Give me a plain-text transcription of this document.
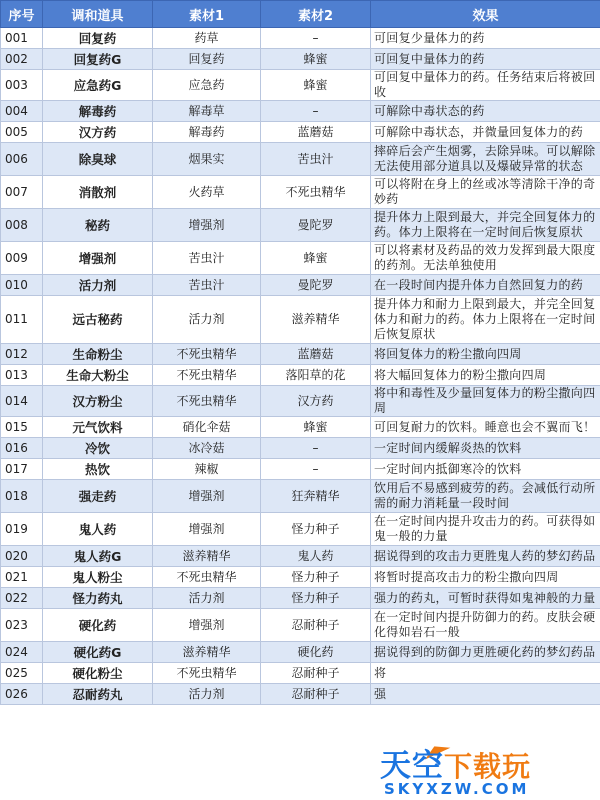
序号	调和道具	素材1	素材2	效果
001	回复药	药草	–	可回复少量体力的药
002	回复药G	回复药	蜂蜜	可回复中量体力的药
003	应急药G	应急药	蜂蜜	可回复中量体力的药。任务结束后将被回收
004	解毒药	解毒草	–	可解除中毒状态的药
005	汉方药	解毒药	蓝蘑菇	可解除中毒状态，并微量回复体力的药
006	除臭球	烟果实	苦虫汁	摔碎后会产生烟雾，去除异味。可以解除无法使用部分道具以及爆破异常的状态
007	消散剂	火药草	不死虫精华	可以将附在身上的丝或冰等清除干净的奇妙药
008	秘药	增强剂	曼陀罗	提升体力上限到最大，并完全回复体力的药。体力上限将在一定时间后恢复原状
009	增强剂	苦虫汁	蜂蜜	可以将素材及药品的效力发挥到最大限度的药剂。无法单独使用
010	活力剂	苦虫汁	曼陀罗	在一段时间内提升体力自然回复力的药
011	远古秘药	活力剂	滋养精华	提升体力和耐力上限到最大，并完全回复体力和耐力的药。体力上限将在一定时间后恢复原状
012	生命粉尘	不死虫精华	蓝蘑菇	将回复体力的粉尘撒向四周
013	生命大粉尘	不死虫精华	落阳草的花	将大幅回复体力的粉尘撒向四周
014	汉方粉尘	不死虫精华	汉方药	将中和毒性及少量回复体力的粉尘撒向四周
015	元气饮料	硝化伞菇	蜂蜜	可回复耐力的饮料。睡意也会不翼而飞！
016	冷饮	冰冷菇	–	一定时间内缓解炎热的饮料
017	热饮	辣椒	–	一定时间内抵御寒冷的饮料
018	强走药	增强剂	狂奔精华	饮用后不易感到疲劳的药。会减低行动所需的耐力消耗量一段时间
019	鬼人药	增强剂	怪力种子	在一定时间内提升攻击力的药。可获得如鬼一般的力量
020	鬼人药G	滋养精华	鬼人药	据说得到的攻击力更胜鬼人药的梦幻药品
021	鬼人粉尘	不死虫精华	怪力种子	将暂时提高攻击力的粉尘撒向四周
022	怪力药丸	活力剂	怪力种子	强力的药丸，可暂时获得如鬼神般的力量
023	硬化药	增强剂	忍耐种子	在一定时间内提升防御力的药。皮肤会硬化得如岩石一般
024	硬化药G	滋养精华	硬化药	据说得到的防御力更胜硬化药的梦幻药品
025	硬化粉尘	不死虫精华	忍耐种子	将
026	忍耐药丸	活力剂	忍耐种子	强
天空下载玩
SKYXZW.COM
